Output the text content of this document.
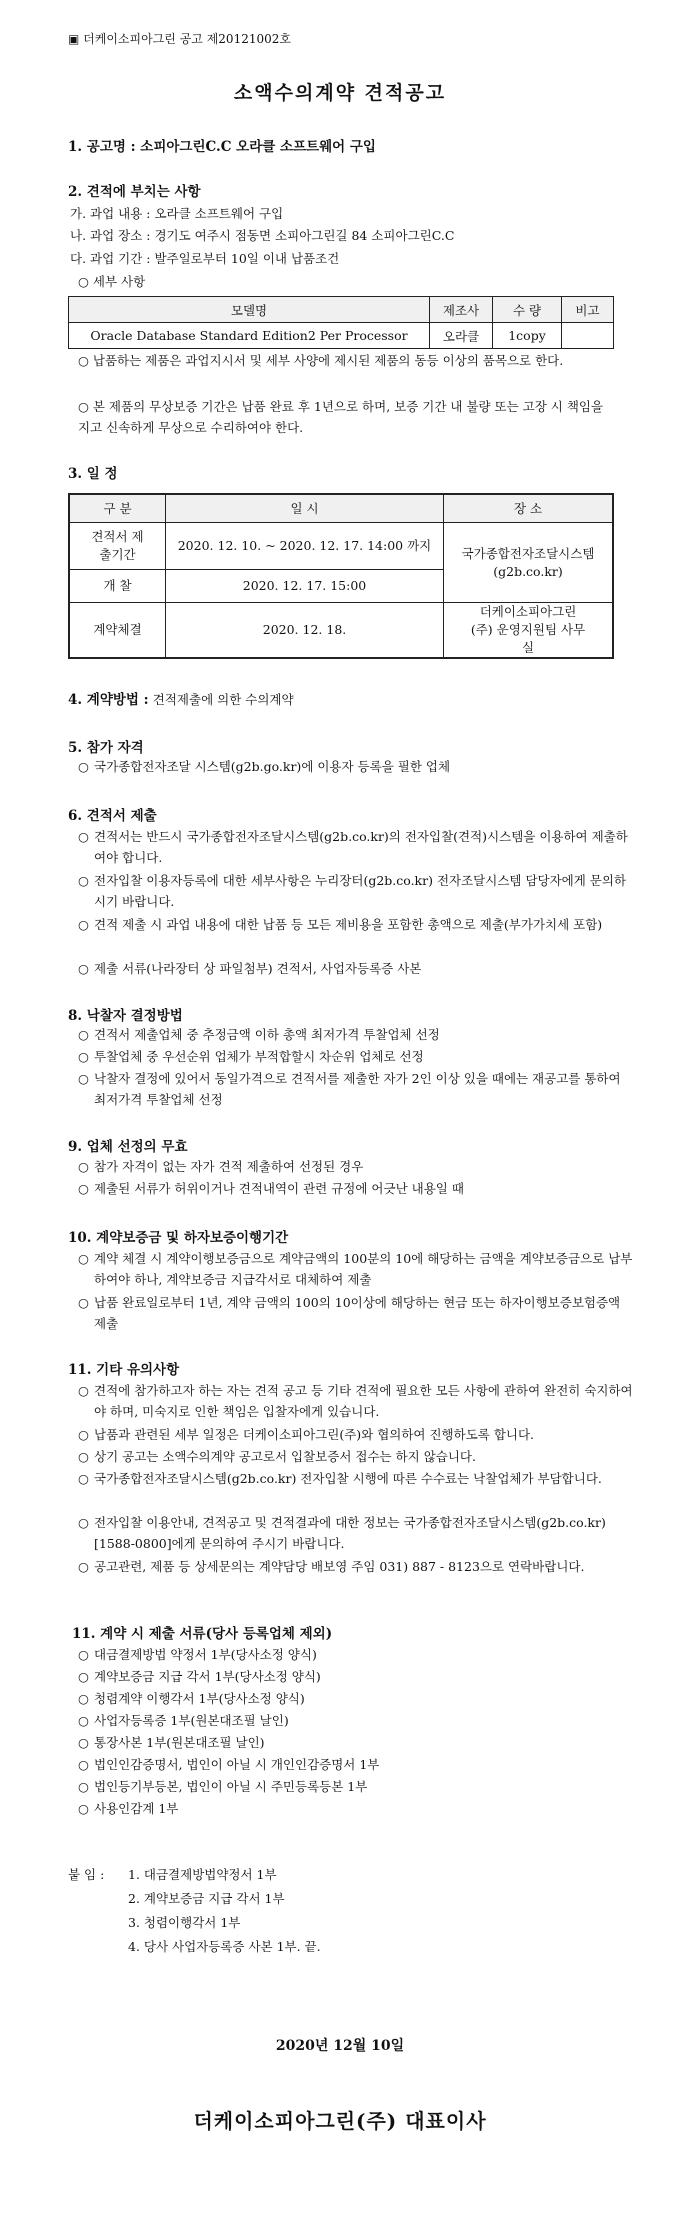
▣ 더케이소피아그린 공고 제20121002호
소액수의계약 견적공고
1. 공고명 : 소피아그린C.C 오라클 소프트웨어 구입
2. 견적에 부치는 사항
가. 과업 내용 : 오라클 소프트웨어 구입
나. 과업 장소 : 경기도 여주시 점동면 소피아그린길 84 소피아그린C.C
다. 과업 기간 : 발주일로부터 10일 이내 납품조건
○ 세부 사항
모델명	제조사	수 량	비고
Oracle Database Standard Edition2 Per Processor	오라클	1copy	
○ 납품하는 제품은 과업지시서 및 세부 사양에 제시된 제품의 동등 이상의 품목으로 한다.
○ 본 제품의 무상보증 기간은 납품 완료 후 1년으로 하며, 보증 기간 내 불량 또는 고장 시 책임을 지고 신속하게 무상으로 수리하여야 한다.
3. 일 정
구 분	일 시	장 소
견적서 제출기간	2020. 12. 10. ~ 2020. 12. 17. 14:00 까지	국가종합전자조달시스템 (g2b.co.kr)
개 찰	2020. 12. 17. 15:00	
계약체결	2020. 12. 18.	더케이소피아그린(주) 운영지원팀 사무실
4. 계약방법 : 견적제출에 의한 수의계약
5. 참가 자격
○ 국가종합전자조달 시스템(g2b.go.kr)에 이용자 등록을 필한 업체
6. 견적서 제출
○ 견적서는 반드시 국가종합전자조달시스템(g2b.co.kr)의 전자입찰(견적)시스템을 이용하여 제출하여야 합니다.
○ 전자입찰 이용자등록에 대한 세부사항은 누리장터(g2b.co.kr) 전자조달시스템 담당자에게 문의하시기 바랍니다.
○ 견적 제출 시 과업 내용에 대한 납품 등 모든 제비용을 포함한 총액으로 제출(부가가치세 포함)
○ 제출 서류(나라장터 상 파일첨부) 견적서, 사업자등록증 사본
8. 낙찰자 결정방법
○ 견적서 제출업체 중 추정금액 이하 총액 최저가격 투찰업체 선정
○ 투찰업체 중 우선순위 업체가 부적합할시 차순위 업체로 선정
○ 낙찰자 결정에 있어서 동일가격으로 견적서를 제출한 자가 2인 이상 있을 때에는 재공고를 통하여 최저가격 투찰업체 선정
9. 업체 선정의 무효
○ 참가 자격이 없는 자가 견적 제출하여 선정된 경우
○ 제출된 서류가 허위이거나 견적내역이 관련 규정에 어긋난 내용일 때
10. 계약보증금 및 하자보증이행기간
○ 계약 체결 시 계약이행보증금으로 계약금액의 100분의 10에 해당하는 금액을 계약보증금으로 납부하여야 하나, 계약보증금 지급각서로 대체하여 제출
○ 납품 완료일로부터 1년, 계약 금액의 100의 10이상에 해당하는 현금 또는 하자이행보증보험증액 제출
11. 기타 유의사항
○ 견적에 참가하고자 하는 자는 견적 공고 등 기타 견적에 필요한 모든 사항에 관하여 완전히 숙지하여야 하며, 미숙지로 인한 책임은 입찰자에게 있습니다.
○ 납품과 관련된 세부 일정은 더케이소피아그린(주)와 협의하여 진행하도록 합니다.
○ 상기 공고는 소액수의계약 공고로서 입찰보증서 접수는 하지 않습니다.
○ 국가종합전자조달시스템(g2b.co.kr) 전자입찰 시행에 따른 수수료는 낙찰업체가 부담합니다.
○ 전자입찰 이용안내, 견적공고 및 견적결과에 대한 정보는 국가종합전자조달시스템(g2b.co.kr)[1588-0800]에게 문의하여 주시기 바랍니다.
○ 공고관련, 제품 등 상세문의는 계약담당 배보영 주임 031) 887 - 8123으로 연락바랍니다.
11. 계약 시 제출 서류(당사 등록업체 제외)
○ 대금결제방법 약정서 1부(당사소정 양식)
○ 계약보증금 지급 각서 1부(당사소정 양식)
○ 청렴계약 이행각서 1부(당사소정 양식)
○ 사업자등록증 1부(원본대조필 날인)
○ 통장사본 1부(원본대조필 날인)
○ 법인인감증명서, 법인이 아닐 시 개인인감증명서 1부
○ 법인등기부등본, 법인이 아닐 시 주민등록등본 1부
○ 사용인감계 1부
붙 임 : 1. 대금결제방법약정서 1부
2. 계약보증금 지급 각서 1부
3. 청렴이행각서 1부
4. 당사 사업자등록증 사본 1부. 끝.
2020년 12월 10일
더케이소피아그린(주) 대표이사
